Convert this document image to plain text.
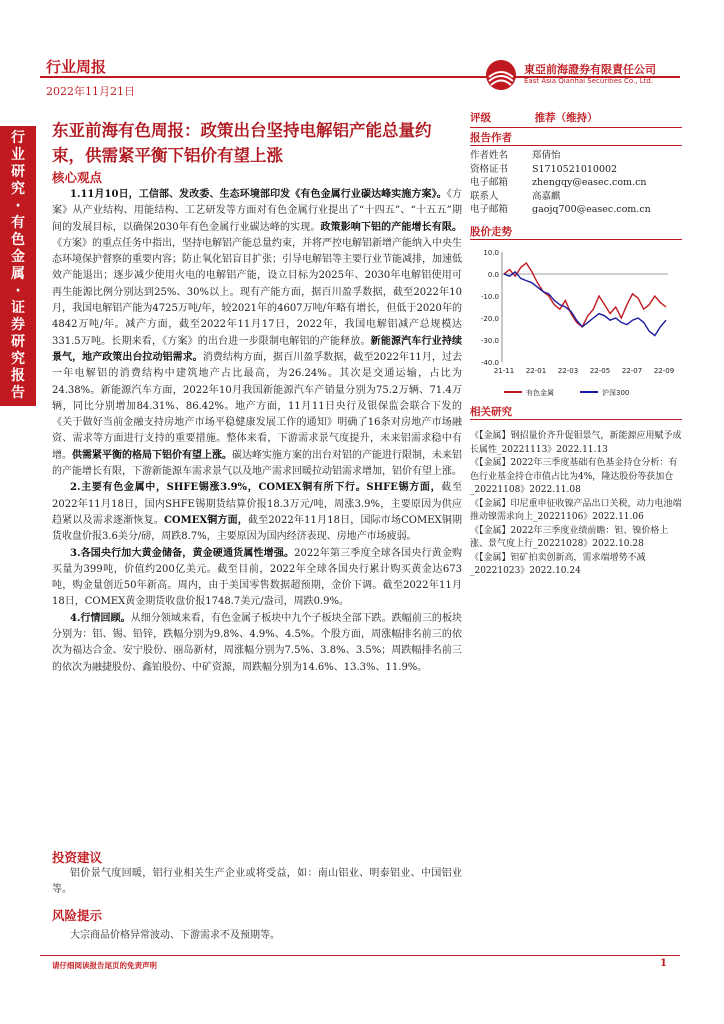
行业周报
2022年11月21日
東亞前海證券有限責任公司
East Asia Qianhai Securities Co., Ltd.
行
业
研
究
·
有
色
金
属
·
证
券
研
究
报
告
东亚前海有色周报：政策出台坚持电解铝产能总量约束，供需紧平衡下铝价有望上涨
核心观点

1.11月10日，工信部、发改委、生态环境部印发《有色金属行业碳达峰实施方案》。《方案》从产业结构、用能结构、工艺研发等方面对有色金属行业提出了“十四五”、“十五五”期间的发展目标，以确保2030年有色金属行业碳达峰的实现。政策影响下铝的产能增长有限。《方案》的重点任务中指出，坚持电解铝产能总量约束，并将严控电解铝新增产能纳入中央生态环境保护督察的重要内容；防止氧化铝盲目扩张；引导电解铝等主要行业节能减排，加速低效产能退出；逐步减少使用火电的电解铝产能，设立目标为2025年、2030年电解铝使用可再生能源比例分别达到25%、30%以上。现有产能方面，据百川盈孚数据，截至2022年10月，我国电解铝产能为4725万吨/年，较2021年的4607万吨/年略有增长，但低于2020年的4842万吨/年。减产方面，截至2022年11月17日，2022年，我国电解铝减产总规模达331.5万吨。长期来看，《方案》的出台进一步限制电解铝的产能释放。新能源汽车行业持续景气，地产政策出台拉动铝需求。消费结构方面，据百川盈孚数据，截至2022年11月，过去一年电解铝的消费结构中建筑地产占比最高，为26.24%。其次是交通运输，占比为24.38%。新能源汽车方面，2022年10月我国新能源汽车产销量分别为75.2万辆、71.4万辆，同比分别增加84.31%、86.42%。地产方面，11月11日央行及银保监会联合下发的《关于做好当前金融支持房地产市场平稳健康发展工作的通知》明确了16条对房地产市场融资、需求等方面进行支持的重要措施。整体来看，下游需求景气度提升，未来铝需求稳中有增。供需紧平衡的格局下铝价有望上涨。碳达峰实施方案的出台对铝的产能进行限制，未来铝的产能增长有限，下游新能源车需求景气以及地产需求回暖拉动铝需求增加，铝价有望上涨。

2.主要有色金属中，SHFE锡涨3.9%，COMEX铜有所下行。SHFE锡方面，截至2022年11月18日，国内SHFE锡期货结算价报18.3万元/吨，周涨3.9%，主要原因为供应趋紧以及需求逐渐恢复。COMEX铜方面，截至2022年11月18日，国际市场COMEX铜期货收盘价报3.6美分/磅，周跌8.7%，主要原因为国内经济表现、房地产市场疲弱。

3.各国央行加大黄金储备，黄金硬通货属性增强。2022年第三季度全球各国央行黄金购买量为399吨，价值约200亿美元。截至目前，2022年全球各国央行累计购买黄金达673吨，购金量创近50年新高。周内，由于美国零售数据超预期，金价下调。截至2022年11月18日，COMEX黄金期货收盘价报1748.7美元/盎司，周跌0.9%。

4.行情回顾。从细分领域来看，有色金属子板块中九个子板块全部下跌。跌幅前三的板块分别为：铝、锡、铅锌，跌幅分别为9.8%、4.9%、4.5%。个股方面，周涨幅排名前三的依次为福达合金、安宁股份、丽岛新材，周涨幅分别为7.5%、3.8%、3.5%；周跌幅排名前三的依次为融捷股份、鑫铂股份、中矿资源，周跌幅分别为14.6%、13.3%、11.9%。

投资建议

铝价景气度回暖，铝行业相关生产企业或将受益，如：南山铝业、明泰铝业、中国铝业等。

风险提示

大宗商品价格异常波动、下游需求不及预期等。

评级	推荐（维持）
报告作者
作者姓名	郑倩怡
资格证书	S1710521010002
电子邮箱	zhengqy@easec.com.cn
联系人	高嘉麒
电子邮箱	gaojq700@easec.com.cn
股价走势
10.0
0.0
-10.0
-20.0
-30.0
-40.0
21-11 22-01 22-03 22-05 22-07 22-09
有色金属	沪深300
相关研究

《【金属】钢招量价齐升促钼景气，新能源应用赋予成长属性_20221113》2022.11.13

《【金属】2022年三季度基础有色基金持仓分析：有色行业基金持仓市值占比为4%，隆达股份等获加仓_20221108》2022.11.08

《【金属】印尼重申征收镍产品出口关税，动力电池端推动镍需求向上_20221106》2022.11.06

《【金属】2022年三季度业绩前瞻：钽、镍价格上涨、景气度上行_20221028》2022.10.28

《【金属】钽矿拍卖创新高，需求端增势不减_20221023》2022.10.24

请仔细阅读报告尾页的免责声明	1
